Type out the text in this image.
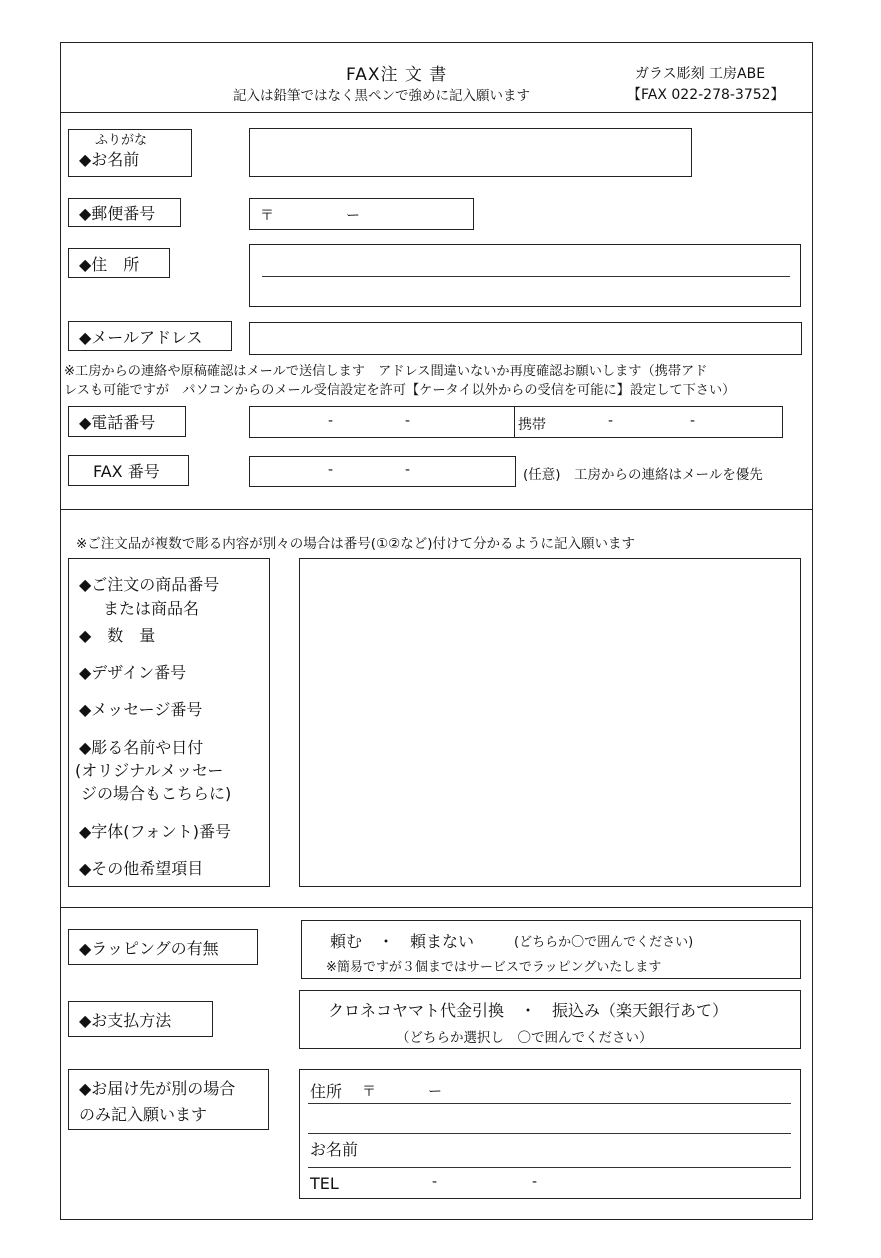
FAX注 文 書
記入は鉛筆ではなく黒ペンで強めに記入願います
ガラス彫刻 工房ABE
【FAX 022-278-3752】
ふりがな
◆お名前
◆郵便番号	〒	ー
◆住　所
◆メールアドレス
※工房からの連絡や原稿確認はメールで送信します　アドレス間違いないか再度確認お願いします（携帯アド
レスも可能ですが　パソコンからのメール受信設定を許可【ケータイ以外からの受信を可能に】設定して下さい）
◆電話番号	-	-	携帯	-	-
FAX 番号	-	-	(任意)　工房からの連絡はメールを優先
※ご注文品が複数で彫る内容が別々の場合は番号(①②など)付けて分かるように記入願います
◆ご注文の商品番号
または商品名
◆　数　量
◆デザイン番号
◆メッセージ番号
◆彫る名前や日付
(オリジナルメッセー
ジの場合もこちらに)
◆字体(フォント)番号
◆その他希望項目
◆ラッピングの有無	頼む　・　頼まない	(どちらか〇で囲んでください)
※簡易ですが３個まではサービスでラッピングいたします
◆お支払方法	クロネコヤマト代金引換　・　振込み（楽天銀行あて）
（どちらか選択し　〇で囲んでください）
◆お届け先が別の場合
のみ記入願います
住所 〒	ー
お名前
TEL	-	-
